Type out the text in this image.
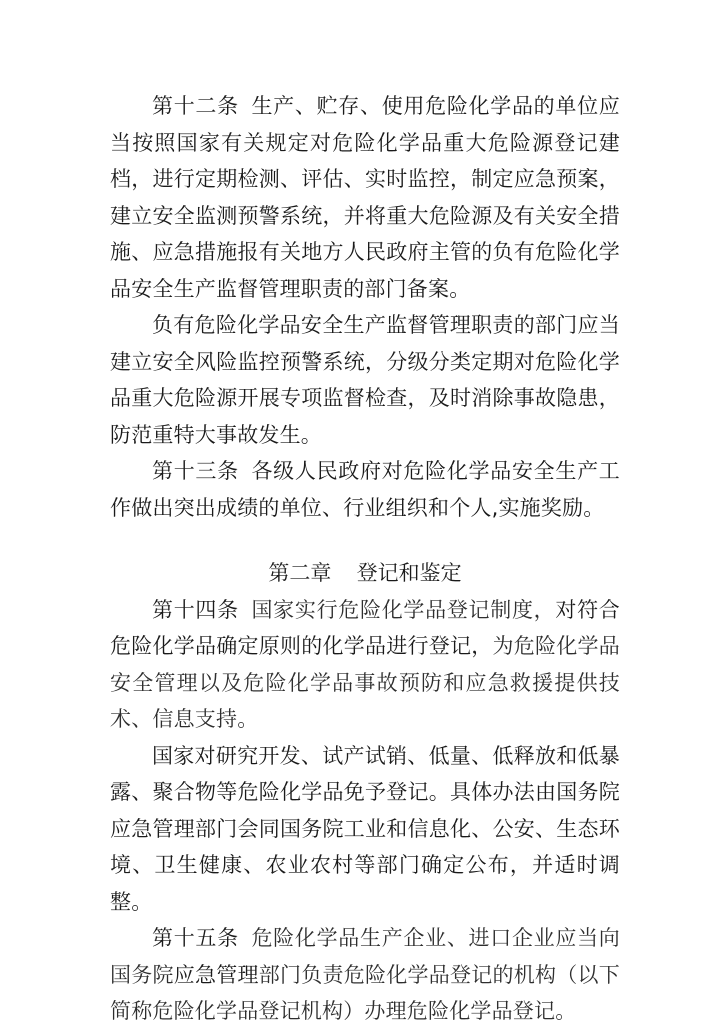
第十二条 生产、贮存、使用危险化学品的单位应当按照国家有关规定对危险化学品重大危险源登记建档，进行定期检测、评估、实时监控，制定应急预案，建立安全监测预警系统，并将重大危险源及有关安全措施、应急措施报有关地方人民政府主管的负有危险化学品安全生产监督管理职责的部门备案。

负有危险化学品安全生产监督管理职责的部门应当建立安全风险监控预警系统，分级分类定期对危险化学品重大危险源开展专项监督检查，及时消除事故隐患，防范重特大事故发生。

第十三条 各级人民政府对危险化学品安全生产工作做出突出成绩的单位、行业组织和个人,实施奖励。

第二章 登记和鉴定

第十四条 国家实行危险化学品登记制度，对符合危险化学品确定原则的化学品进行登记，为危险化学品安全管理以及危险化学品事故预防和应急救援提供技术、信息支持。

国家对研究开发、试产试销、低量、低释放和低暴露、聚合物等危险化学品免予登记。具体办法由国务院应急管理部门会同国务院工业和信息化、公安、生态环境、卫生健康、农业农村等部门确定公布，并适时调整。

第十五条 危险化学品生产企业、进口企业应当向国务院应急管理部门负责危险化学品登记的机构（以下简称危险化学品登记机构）办理危险化学品登记。
